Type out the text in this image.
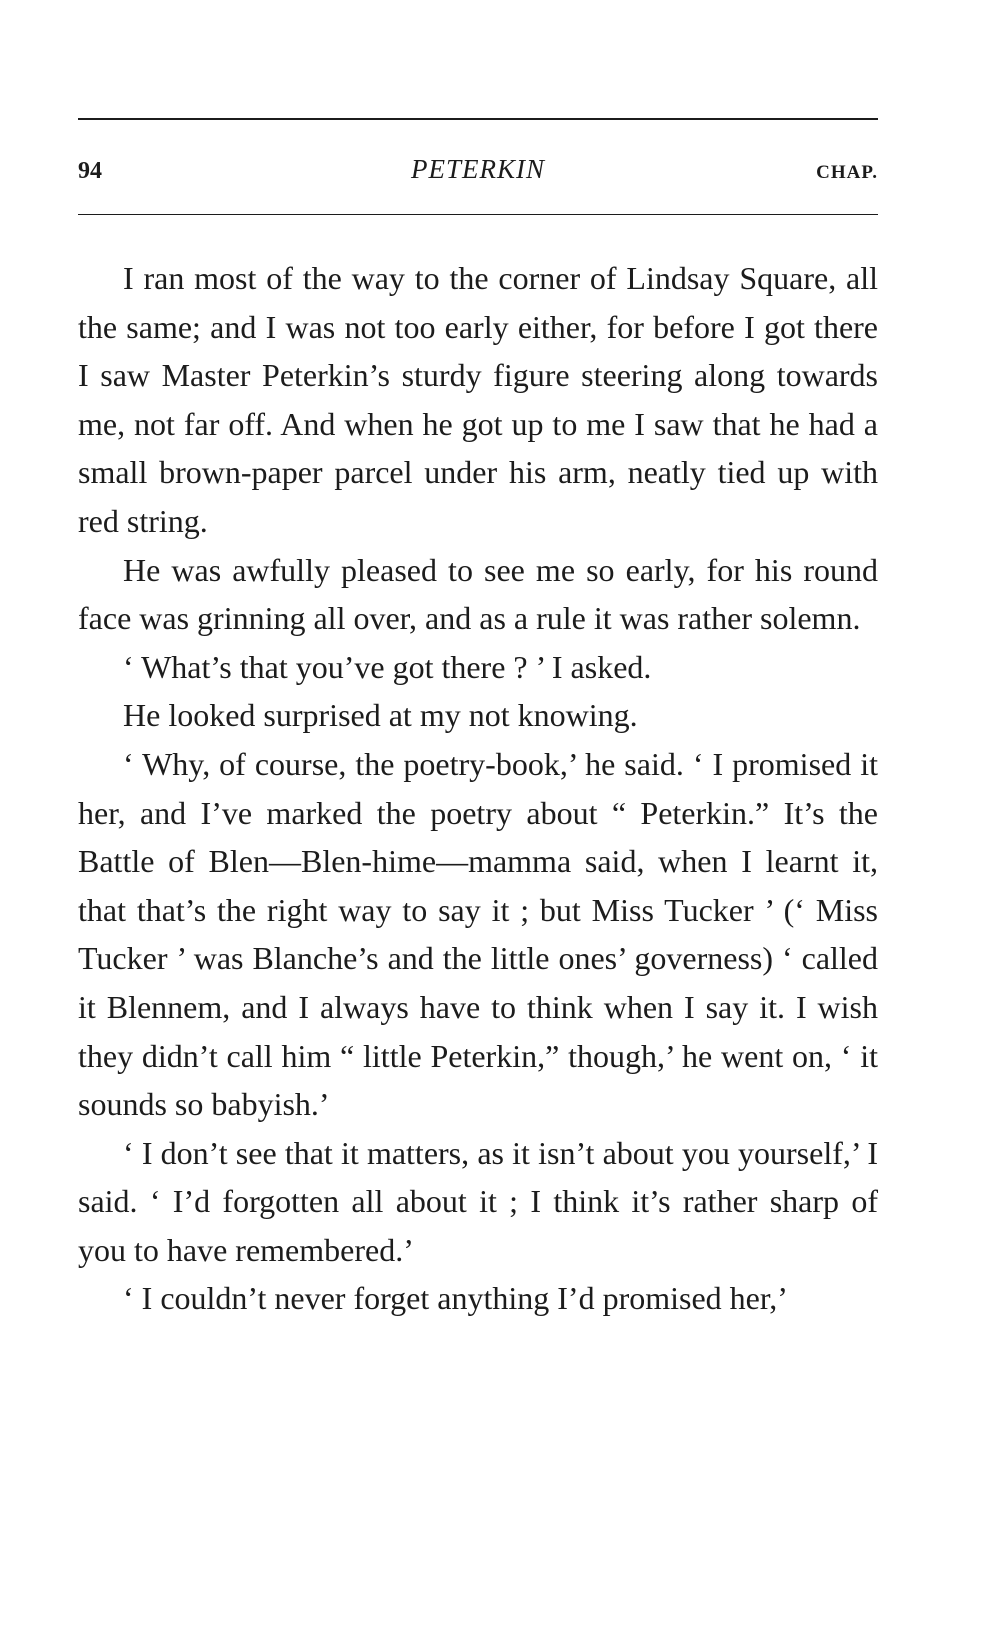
94	PETERKIN	CHAP.

I ran most of the way to the corner of Lindsay Square, all the same; and I was not too early either, for before I got there I saw Master Peterkin’s sturdy figure steering along towards me, not far off. And when he got up to me I saw that he had a small brown-paper parcel under his arm, neatly tied up with red string.

He was awfully pleased to see me so early, for his round face was grinning all over, and as a rule it was rather solemn.

‘ What’s that you’ve got there ? ’ I asked.

He looked surprised at my not knowing.

‘ Why, of course, the poetry-book,’ he said. ‘ I promised it her, and I’ve marked the poetry about “ Peterkin.” It’s the Battle of Blen—Blen-hime—mamma said, when I learnt it, that that’s the right way to say it ; but Miss Tucker ’ (‘ Miss Tucker ’ was Blanche’s and the little ones’ governess) ‘ called it Blennem, and I always have to think when I say it. I wish they didn’t call him “ little Peterkin,” though,’ he went on, ‘ it sounds so babyish.’

‘ I don’t see that it matters, as it isn’t about you yourself,’ I said. ‘ I’d forgotten all about it ; I think it’s rather sharp of you to have remembered.’

‘ I couldn’t never forget anything I’d promised her,’
